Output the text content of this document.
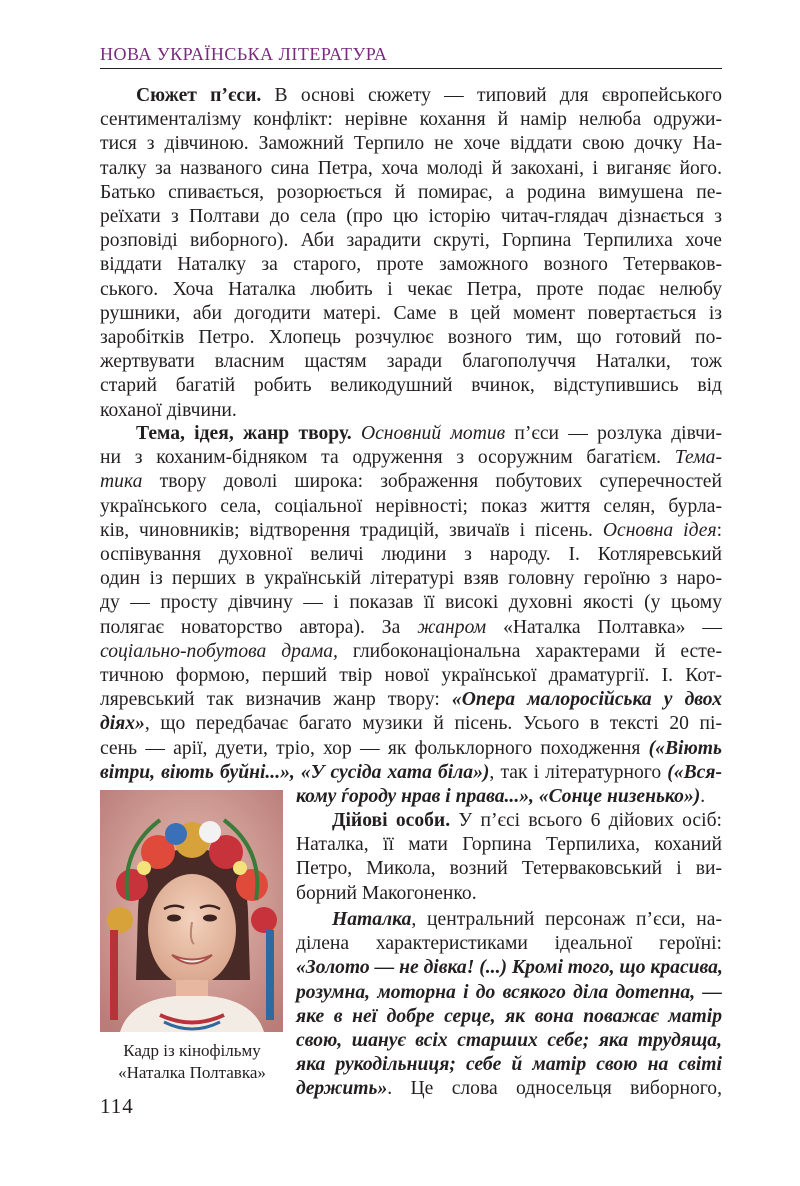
НОВА УКРАЇНСЬКА ЛІТЕРАТУРА
Сюжет п’єси. В основі сюжету — типовий для європейського
сентименталізму конфлікт: нерівне кохання й намір нелюба одружи-
тися з дівчиною. Заможний Терпило не хоче віддати свою дочку На-
талку за названого сина Петра, хоча молоді й закохані, і виганяє його.
Батько спивається, розорюється й помирає, а родина вимушена пе-
реїхати з Полтави до села (про цю історію читач-глядач дізнається з
розповіді виборного). Аби зарадити скруті, Горпина Терпилиха хоче
віддати Наталку за старого, проте заможного возного Тетерваков-
ського. Хоча Наталка любить і чекає Петра, проте подає нелюбу
рушники, аби догодити матері. Саме в цей момент повертається із
заробітків Петро. Хлопець розчулює возного тим, що готовий по-
жертвувати власним щастям заради благополуччя Наталки, тож
старий багатій робить великодушний вчинок, відступившись від
коханої дівчини.
Тема, ідея, жанр твору. Основний мотив п’єси — розлука дівчи-
ни з коханим-бідняком та одруження з осоружним багатієм. Тема-
тика твору доволі широка: зображення побутових суперечностей
українського села, соціальної нерівності; показ життя селян, бурла-
ків, чиновників; відтворення традицій, звичаїв і пісень. Основна ідея:
оспівування духовної величі людини з народу. І. Котляревський
один із перших в українській літературі взяв головну героїню з наро-
ду — просту дівчину — і показав її високі духовні якості (у цьому
полягає новаторство автора). За жанром «Наталка Полтавка» —
соціально-побутова драма, глибоконаціональна характерами й есте-
тичною формою, перший твір нової української драматургії. І. Кот-
ляревський так визначив жанр твору: «Опера малоросійська у двох
діях», що передбачає багато музики й пісень. Усього в тексті 20 пі-
сень — арії, дуети, тріо, хор — як фольклорного походження («Віють
вітри, віють буйні...», «У сусіда хата біла»), так і літературного («Вся-
кому ѓороду нрав і права...», «Сонце низенько»).
Дійові особи. У п’єсі всього 6 дійових осіб:
Наталка, її мати Горпина Терпилиха, коханий
Петро, Микола, возний Тетерваковський і ви-
борний Макогоненко.
Наталка, центральний персонаж п’єси, на-
ділена характеристиками ідеальної героїні:
«Золото — не дівка! (...) Кромі того, що красива,
розумна, моторна і до всякого діла дотепна, —
яке в неї добре серце, як вона поважає матір
свою, шанує всіх старших себе; яка трудяща,
яка рукодільниця; себе й матір свою на світі
держить». Це слова односельця виборного,
Кадр із кінофільму
«Наталка Полтавка»
114
